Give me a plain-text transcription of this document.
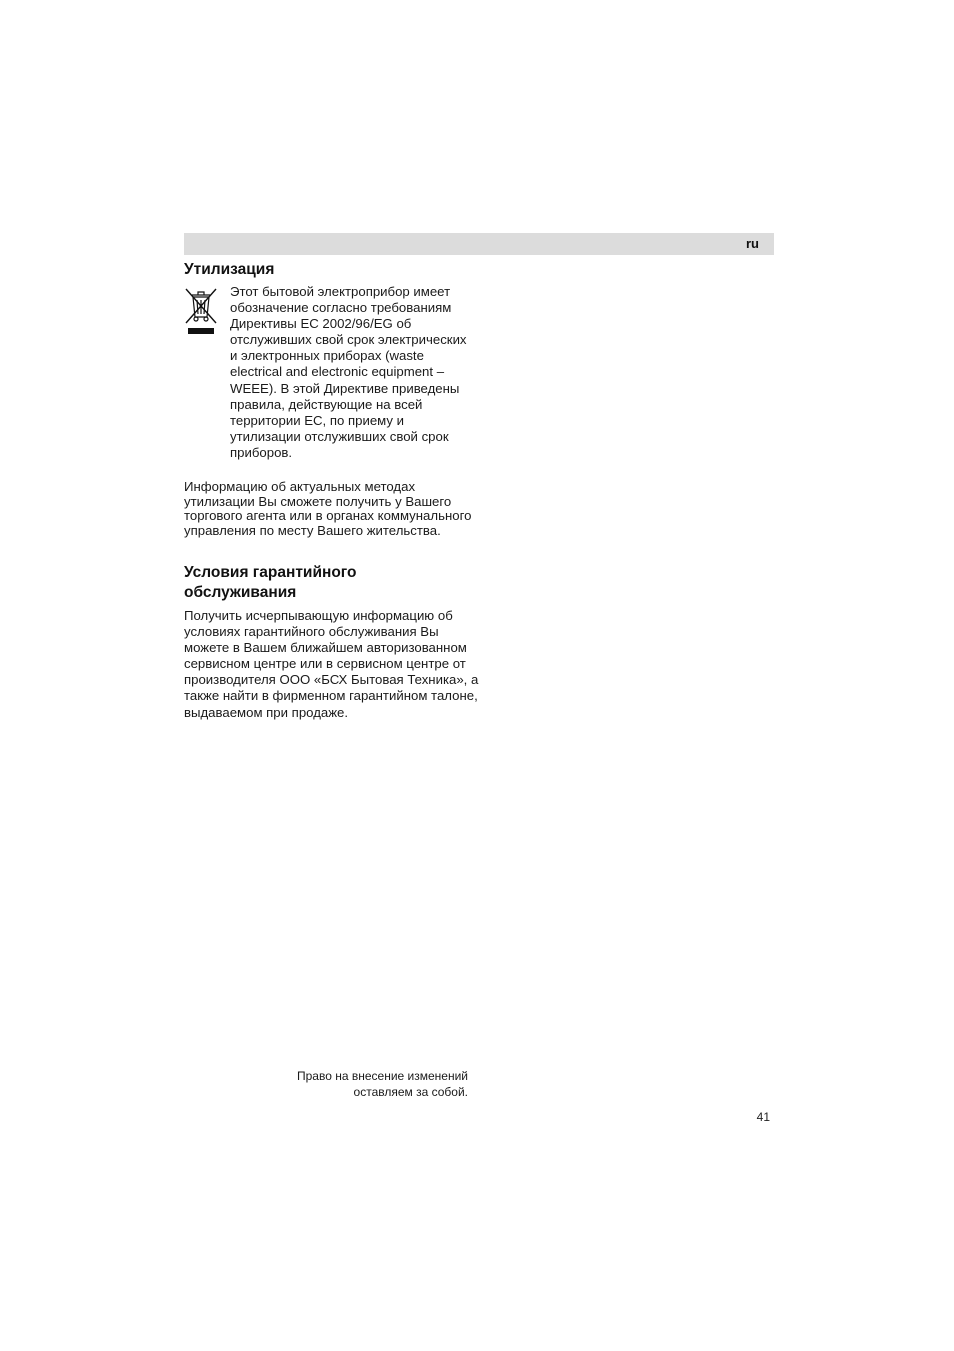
ru
Утилизация

Этот бытовой электроприбор имеет обозначение согласно требованиям Директивы ЕС 2002/96/EG об отслуживших свой срок электрических и электронных приборах (waste electrical and electronic equipment – WEEE). В этой Директиве приведены правила, действующие на всей территории ЕС, по приему и утилизации отслуживших свой срок приборов.

Информацию об актуальных методах утилизации Вы сможете получить у Вашего торгового агента или в органах коммунального управления по месту Вашего жительства.

Условия гарантийного обслуживания

Получить исчерпывающую информацию об условиях гарантийного обслуживания Вы можете в Вашем ближайшем авторизованном сервисном центре или в сервисном центре от производителя ООО «БСХ Бытовая Техника», а также найти в фирменном гарантийном талоне, выдаваемом при продаже.

Право на внесение изменений оставляем за собой.

41
